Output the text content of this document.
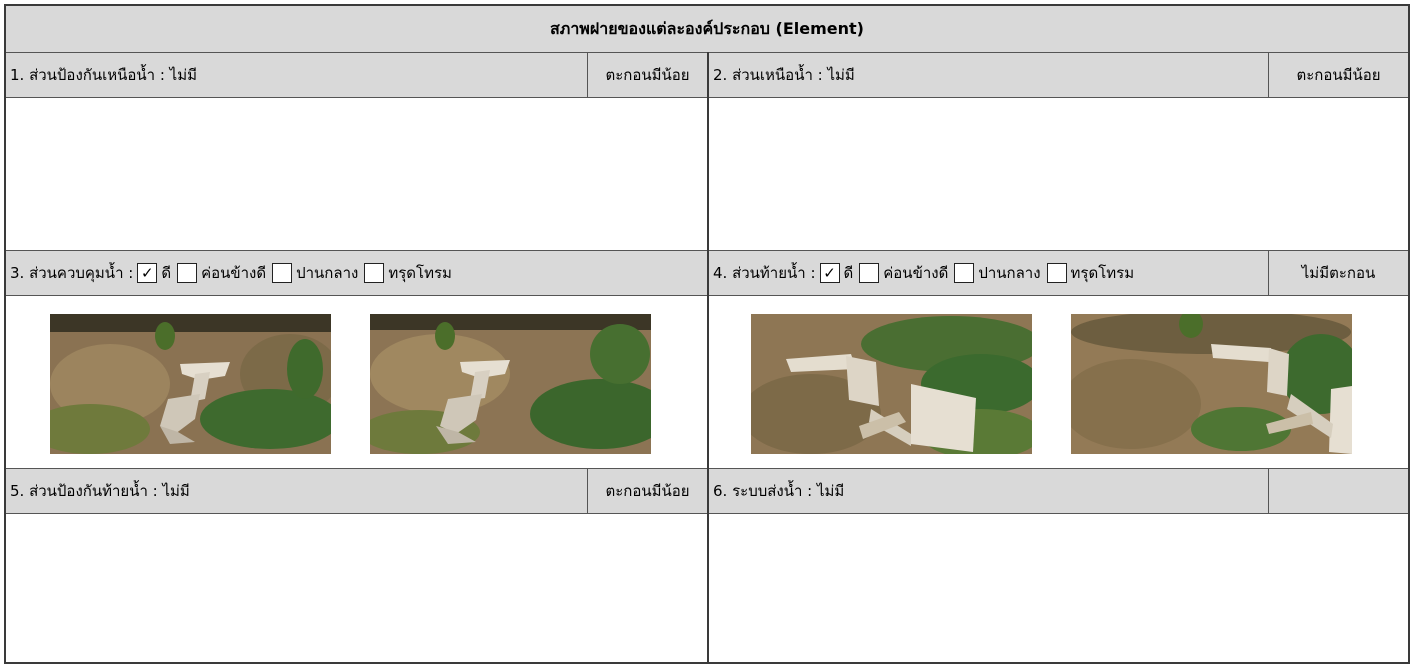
สภาพฝายของแต่ละองค์ประกอบ (Element)
1. ส่วนป้องกันเหนือน้ำ : ไม่มี	ตะกอนมีน้อย	2. ส่วนเหนือน้ำ : ไม่มี	ตะกอนมีน้อย
3. ส่วนควบคุมน้ำ : ✓ ดี ค่อนข้างดี ปานกลาง ทรุดโทรม	4. ส่วนท้ายน้ำ : ✓ ดี ค่อนข้างดี ปานกลาง ทรุดโทรม	ไม่มีตะกอน
5. ส่วนป้องกันท้ายน้ำ : ไม่มี	ตะกอนมีน้อย	6. ระบบส่งน้ำ : ไม่มี
